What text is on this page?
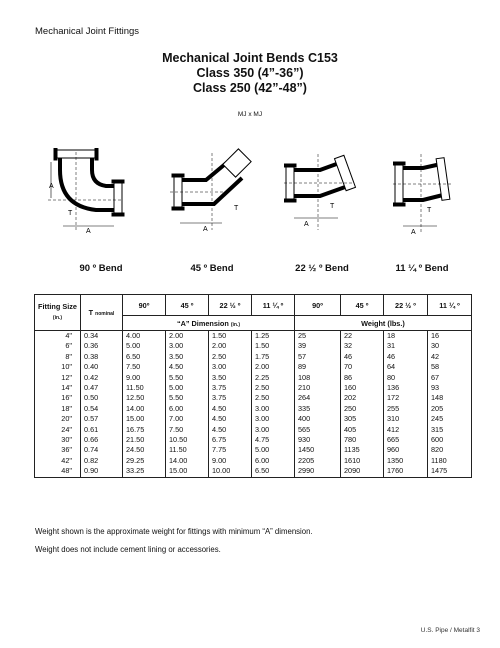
Mechanical Joint Fittings
Mechanical Joint Bends C153
Class 350 (4”-36”)
Class 250 (42”-48”)
MJ x MJ
A
T
A	A
T
A
T
A
T
90 º Bend	45 º Bend	22 ½ º Bend	11 ¼ º Bend
Fitting Size
(in.)	T nominal	90º	45 º	22 ½ º	11 ¼ º	90º	45 º	22 ½ º	11 ¼ º
		“A” Dimension (in.)				Weight (lbs.)			
4"	0.34	4.00	2.00	1.50	1.25	25	22	18	16
6"	0.36	5.00	3.00	2.00	1.50	39	32	31	30
8"	0.38	6.50	3.50	2.50	1.75	57	46	46	42
10"	0.40	7.50	4.50	3.00	2.00	89	70	64	58
12"	0.42	9.00	5.50	3.50	2.25	108	86	80	67
14"	0.47	11.50	5.00	3.75	2.50	210	160	136	93
16"	0.50	12.50	5.50	3.75	2.50	264	202	172	148
18"	0.54	14.00	6.00	4.50	3.00	335	250	255	205
20"	0.57	15.00	7.00	4.50	3.00	400	305	310	245
24"	0.61	16.75	7.50	4.50	3.00	565	405	412	315
30"	0.66	21.50	10.50	6.75	4.75	930	780	665	600
36"	0.74	24.50	11.50	7.75	5.00	1450	1135	960	820
42"	0.82	29.25	14.00	9.00	6.00	2205	1610	1350	1180
48"	0.90	33.25	15.00	10.00	6.50	2990	2090	1760	1475
Weight shown is the approximate weight for fittings with minimum “A” dimension.
Weight does not include cement lining or accessories.
U.S. Pipe / Metalfit 3
